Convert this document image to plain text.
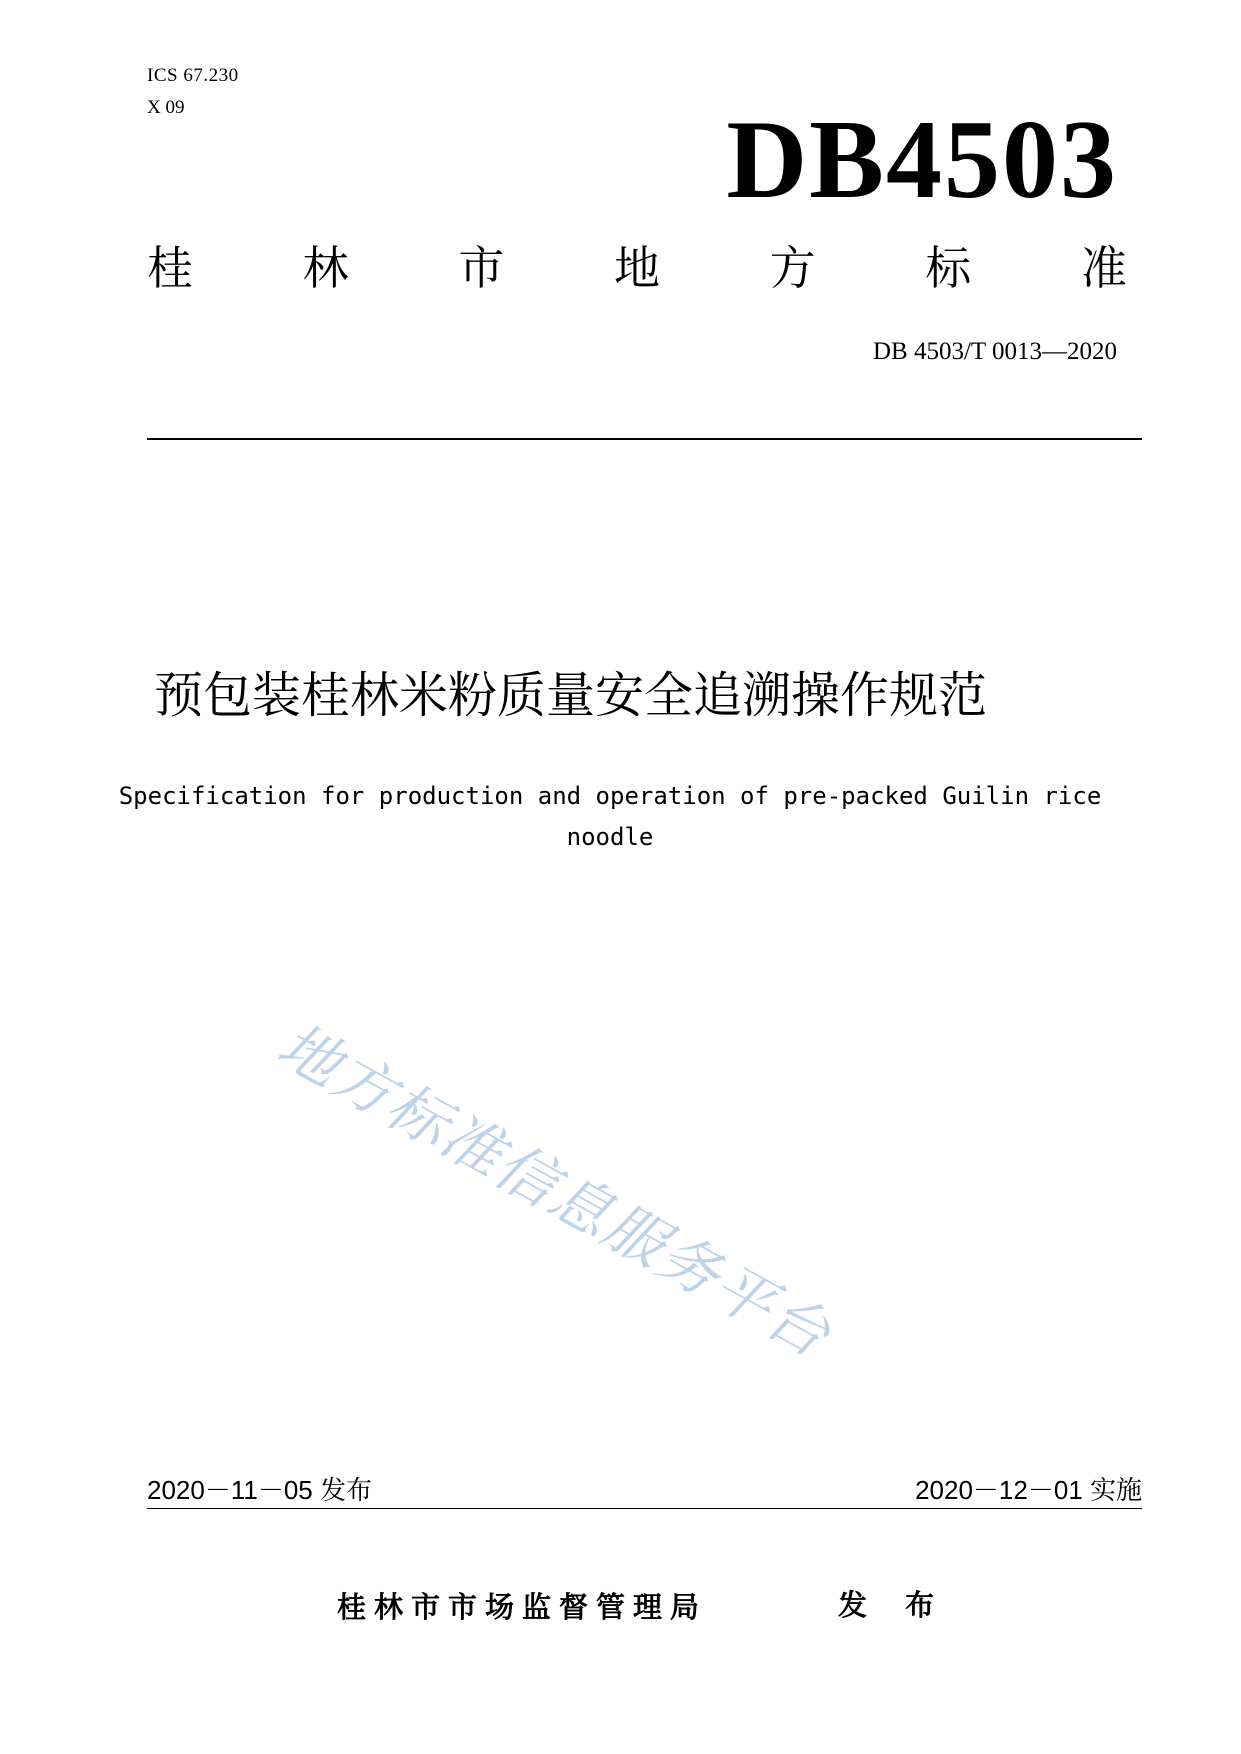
ICS 67.230
X 09	DB4503
桂 林 市 地 方 标 准
DB 4503/T 0013—2020
预包装桂林米粉质量安全追溯操作规范
Specification for production and operation of pre-packed Guilin rice noodle
地方标准信息服务平台
2020－11－05 发布	2020－12－01 实施
桂林市市场监督管理局	发 布
